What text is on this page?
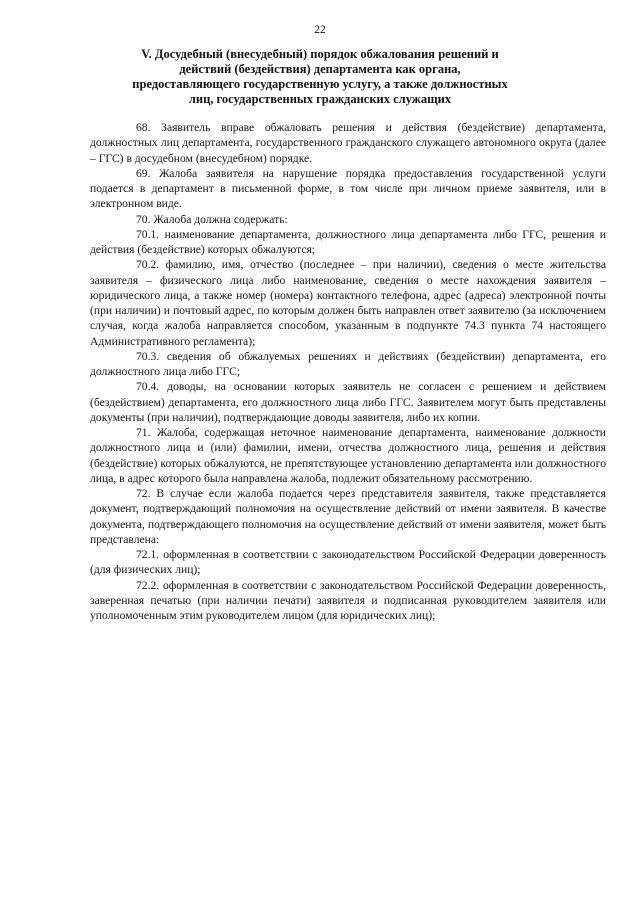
22
V. Досудебный (внесудебный) порядок обжалования решений и
действий (бездействия) департамента как органа,
предоставляющего государственную услугу, а также должностных
лиц, государственных гражданских служащих

68. Заявитель вправе обжаловать решения и действия (бездействие) департамента, должностных лиц департамента, государственного гражданского служащего автономного округа (далее – ГГС) в досудебном (внесудебном) порядке.

69. Жалоба заявителя на нарушение порядка предоставления государственной услуги подается в департамент в письменной форме, в том числе при личном приеме заявителя, или в электронном виде.

70. Жалоба должна содержать:

70.1. наименование департамента, должностного лица департамента либо ГГС, решения и действия (бездействие) которых обжалуются;

70.2. фамилию, имя, отчество (последнее – при наличии), сведения о месте жительства заявителя – физического лица либо наименование, сведения о месте нахождения заявителя – юридического лица, а также номер (номера) контактного телефона, адрес (адреса) электронной почты (при наличии) и почтовый адрес, по которым должен быть направлен ответ заявителю (за исключением случая, когда жалоба направляется способом, указанным в подпункте 74.3 пункта 74 настоящего Административного регламента);

70.3. сведения об обжалуемых решениях и действиях (бездействии) департамента, его должностного лица либо ГГС;

70.4. доводы, на основании которых заявитель не согласен с решением и действием (бездействием) департамента, его должностного лица либо ГГС. Заявителем могут быть представлены документы (при наличии), подтверждающие доводы заявителя, либо их копии.

71. Жалоба, содержащая неточное наименование департамента, наименование должности должностного лица и (или) фамилии, имени, отчества должностного лица, решения и действия (бездействие) которых обжалуются, не препятствующее установлению департамента или должностного лица, в адрес которого была направлена жалоба, подлежит обязательному рассмотрению.

72. В случае если жалоба подается через представителя заявителя, также представляется документ, подтверждающий полномочия на осуществление действий от имени заявителя. В качестве документа, подтверждающего полномочия на осуществление действий от имени заявителя, может быть представлена:

72.1. оформленная в соответствии с законодательством Российской Федерации доверенность (для физических лиц);

72.2. оформленная в соответствии с законодательством Российской Федерации доверенность, заверенная печатью (при наличии печати) заявителя и подписанная руководителем заявителя или уполномоченным этим руководителем лицом (для юридических лиц);
